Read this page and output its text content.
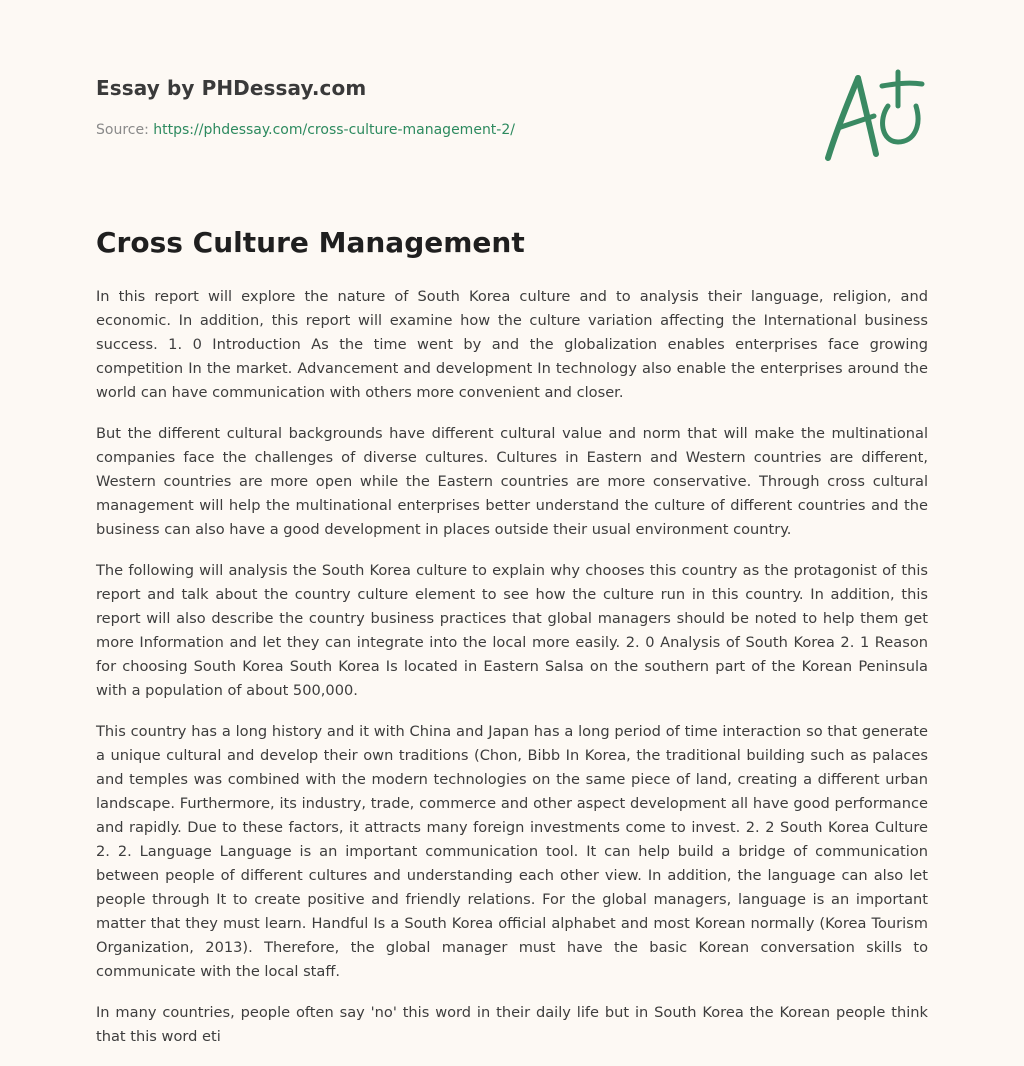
Essay by PHDessay.com

Source: https://phdessay.com/cross-culture-management-2/
Cross Culture Management

In this report will explore the nature of South Korea culture and to analysis their language, religion, and economic. In addition, this report will examine how the culture variation affecting the International business success. 1. 0 Introduction As the time went by and the globalization enables enterprises face growing competition In the market. Advancement and development In technology also enable the enterprises around the world can have communication with others more convenient and closer.

But the different cultural backgrounds have different cultural value and norm that will make the multinational companies face the challenges of diverse cultures. Cultures in Eastern and Western countries are different, Western countries are more open while the Eastern countries are more conservative. Through cross cultural management will help the multinational enterprises better understand the culture of different countries and the business can also have a good development in places outside their usual environment country.

The following will analysis the South Korea culture to explain why chooses this country as the protagonist of this report and talk about the country culture element to see how the culture run in this country. In addition, this report will also describe the country business practices that global managers should be noted to help them get more Information and let they can integrate into the local more easily. 2. 0 Analysis of South Korea 2. 1 Reason for choosing South Korea South Korea Is located in Eastern Salsa on the southern part of the Korean Peninsula with a population of about 500,000.

This country has a long history and it with China and Japan has a long period of time interaction so that generate a unique cultural and develop their own traditions (Chon, Bibb In Korea, the traditional building such as palaces and temples was combined with the modern technologies on the same piece of land, creating a different urban landscape. Furthermore, its industry, trade, commerce and other aspect development all have good performance and rapidly. Due to these factors, it attracts many foreign investments come to invest. 2. 2 South Korea Culture 2. 2. Language Language is an important communication tool. It can help build a bridge of communication between people of different cultures and understanding each other view. In addition, the language can also let people through It to create positive and friendly relations. For the global managers, language is an important matter that they must learn. Handful Is a South Korea official alphabet and most Korean normally (Korea Tourism Organization, 2013). Therefore, the global manager must have the basic Korean conversation skills to communicate with the local staff.

In many countries, people often say 'no' this word in their daily life but in South Korea the Korean people think that this word eti
